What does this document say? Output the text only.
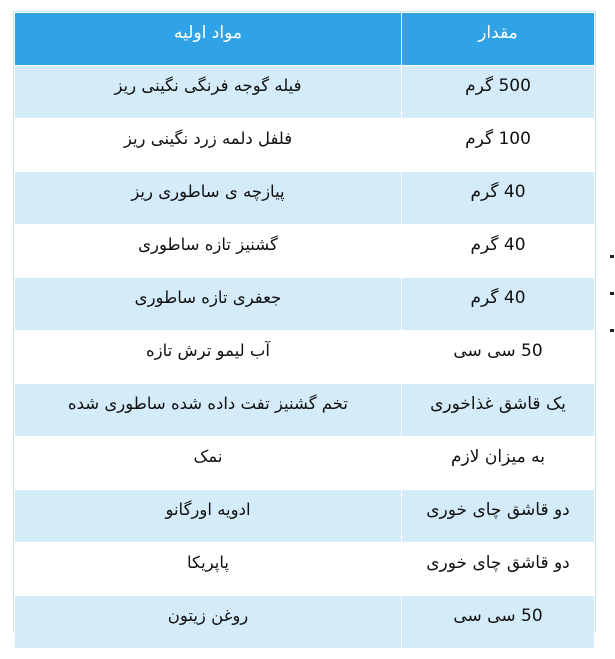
مواد اولیه	مقدار
فیله گوجه فرنگی نگینی ریز	500 گرم
فلفل دلمه زرد نگینی ریز	100 گرم
پیازچه ی ساطوری ریز	40 گرم
گشنیز تازه ساطوری	40 گرم
جعفری تازه ساطوری	40 گرم
آب لیمو ترش تازه	50 سی سی
تخم گشنیز تفت داده شده ساطوری شده	یک قاشق غذاخوری
نمک	به میزان لازم
ادویه اورگانو	دو قاشق چای خوری
پاپریکا	دو قاشق چای خوری
روغن زیتون	50 سی سی
